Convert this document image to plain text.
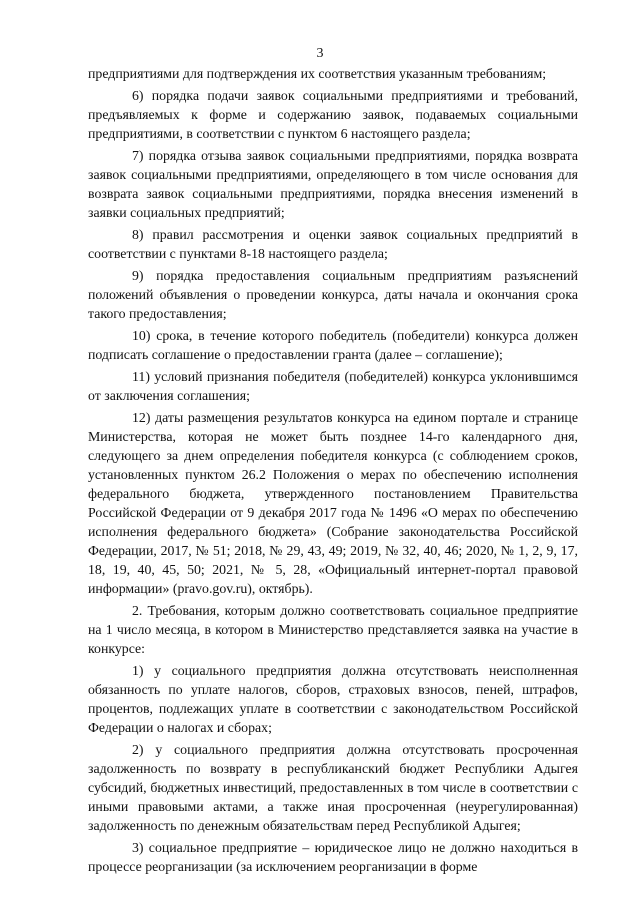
3

предприятиями для подтверждения их соответствия указанным требованиям;

6) порядка подачи заявок социальными предприятиями и требований, предъявляемых к форме и содержанию заявок, подаваемых социальными предприятиями, в соответствии с пунктом 6 настоящего раздела;

7) порядка отзыва заявок социальными предприятиями, порядка возврата заявок социальными предприятиями, определяющего в том числе основания для возврата заявок социальными предприятиями, порядка внесения изменений в заявки социальных предприятий;

8) правил рассмотрения и оценки заявок социальных предприятий в соответствии с пунктами 8-18 настоящего раздела;

9) порядка предоставления социальным предприятиям разъяснений положений объявления о проведении конкурса, даты начала и окончания срока такого предоставления;

10) срока, в течение которого победитель (победители) конкурса должен подписать соглашение о предоставлении гранта (далее – соглашение);

11) условий признания победителя (победителей) конкурса уклонившимся от заключения соглашения;

12) даты размещения результатов конкурса на едином портале и странице Министерства, которая не может быть позднее 14-го календарного дня, следующего за днем определения победителя конкурса (с соблюдением сроков, установленных пунктом 26.2 Положения о мерах по обеспечению исполнения федерального бюджета, утвержденного постановлением Правительства Российской Федерации от 9 декабря 2017 года № 1496 «О мерах по обеспечению исполнения федерального бюджета» (Собрание законодательства Российской Федерации, 2017, № 51; 2018, № 29, 43, 49; 2019, № 32, 40, 46; 2020, № 1, 2, 9, 17, 18, 19, 40, 45, 50; 2021, № 5, 28, «Официальный интернет-портал правовой информации» (pravo.gov.ru), октябрь).

2. Требования, которым должно соответствовать социальное предприятие на 1 число месяца, в котором в Министерство представляется заявка на участие в конкурсе:

1) у социального предприятия должна отсутствовать неисполненная обязанность по уплате налогов, сборов, страховых взносов, пеней, штрафов, процентов, подлежащих уплате в соответствии с законодательством Российской Федерации о налогах и сборах;

2) у социального предприятия должна отсутствовать просроченная задолженность по возврату в республиканский бюджет Республики Адыгея субсидий, бюджетных инвестиций, предоставленных в том числе в соответствии с иными правовыми актами, а также иная просроченная (неурегулированная) задолженность по денежным обязательствам перед Республикой Адыгея;

3) социальное предприятие – юридическое лицо не должно находиться в процессе реорганизации (за исключением реорганизации в форме
